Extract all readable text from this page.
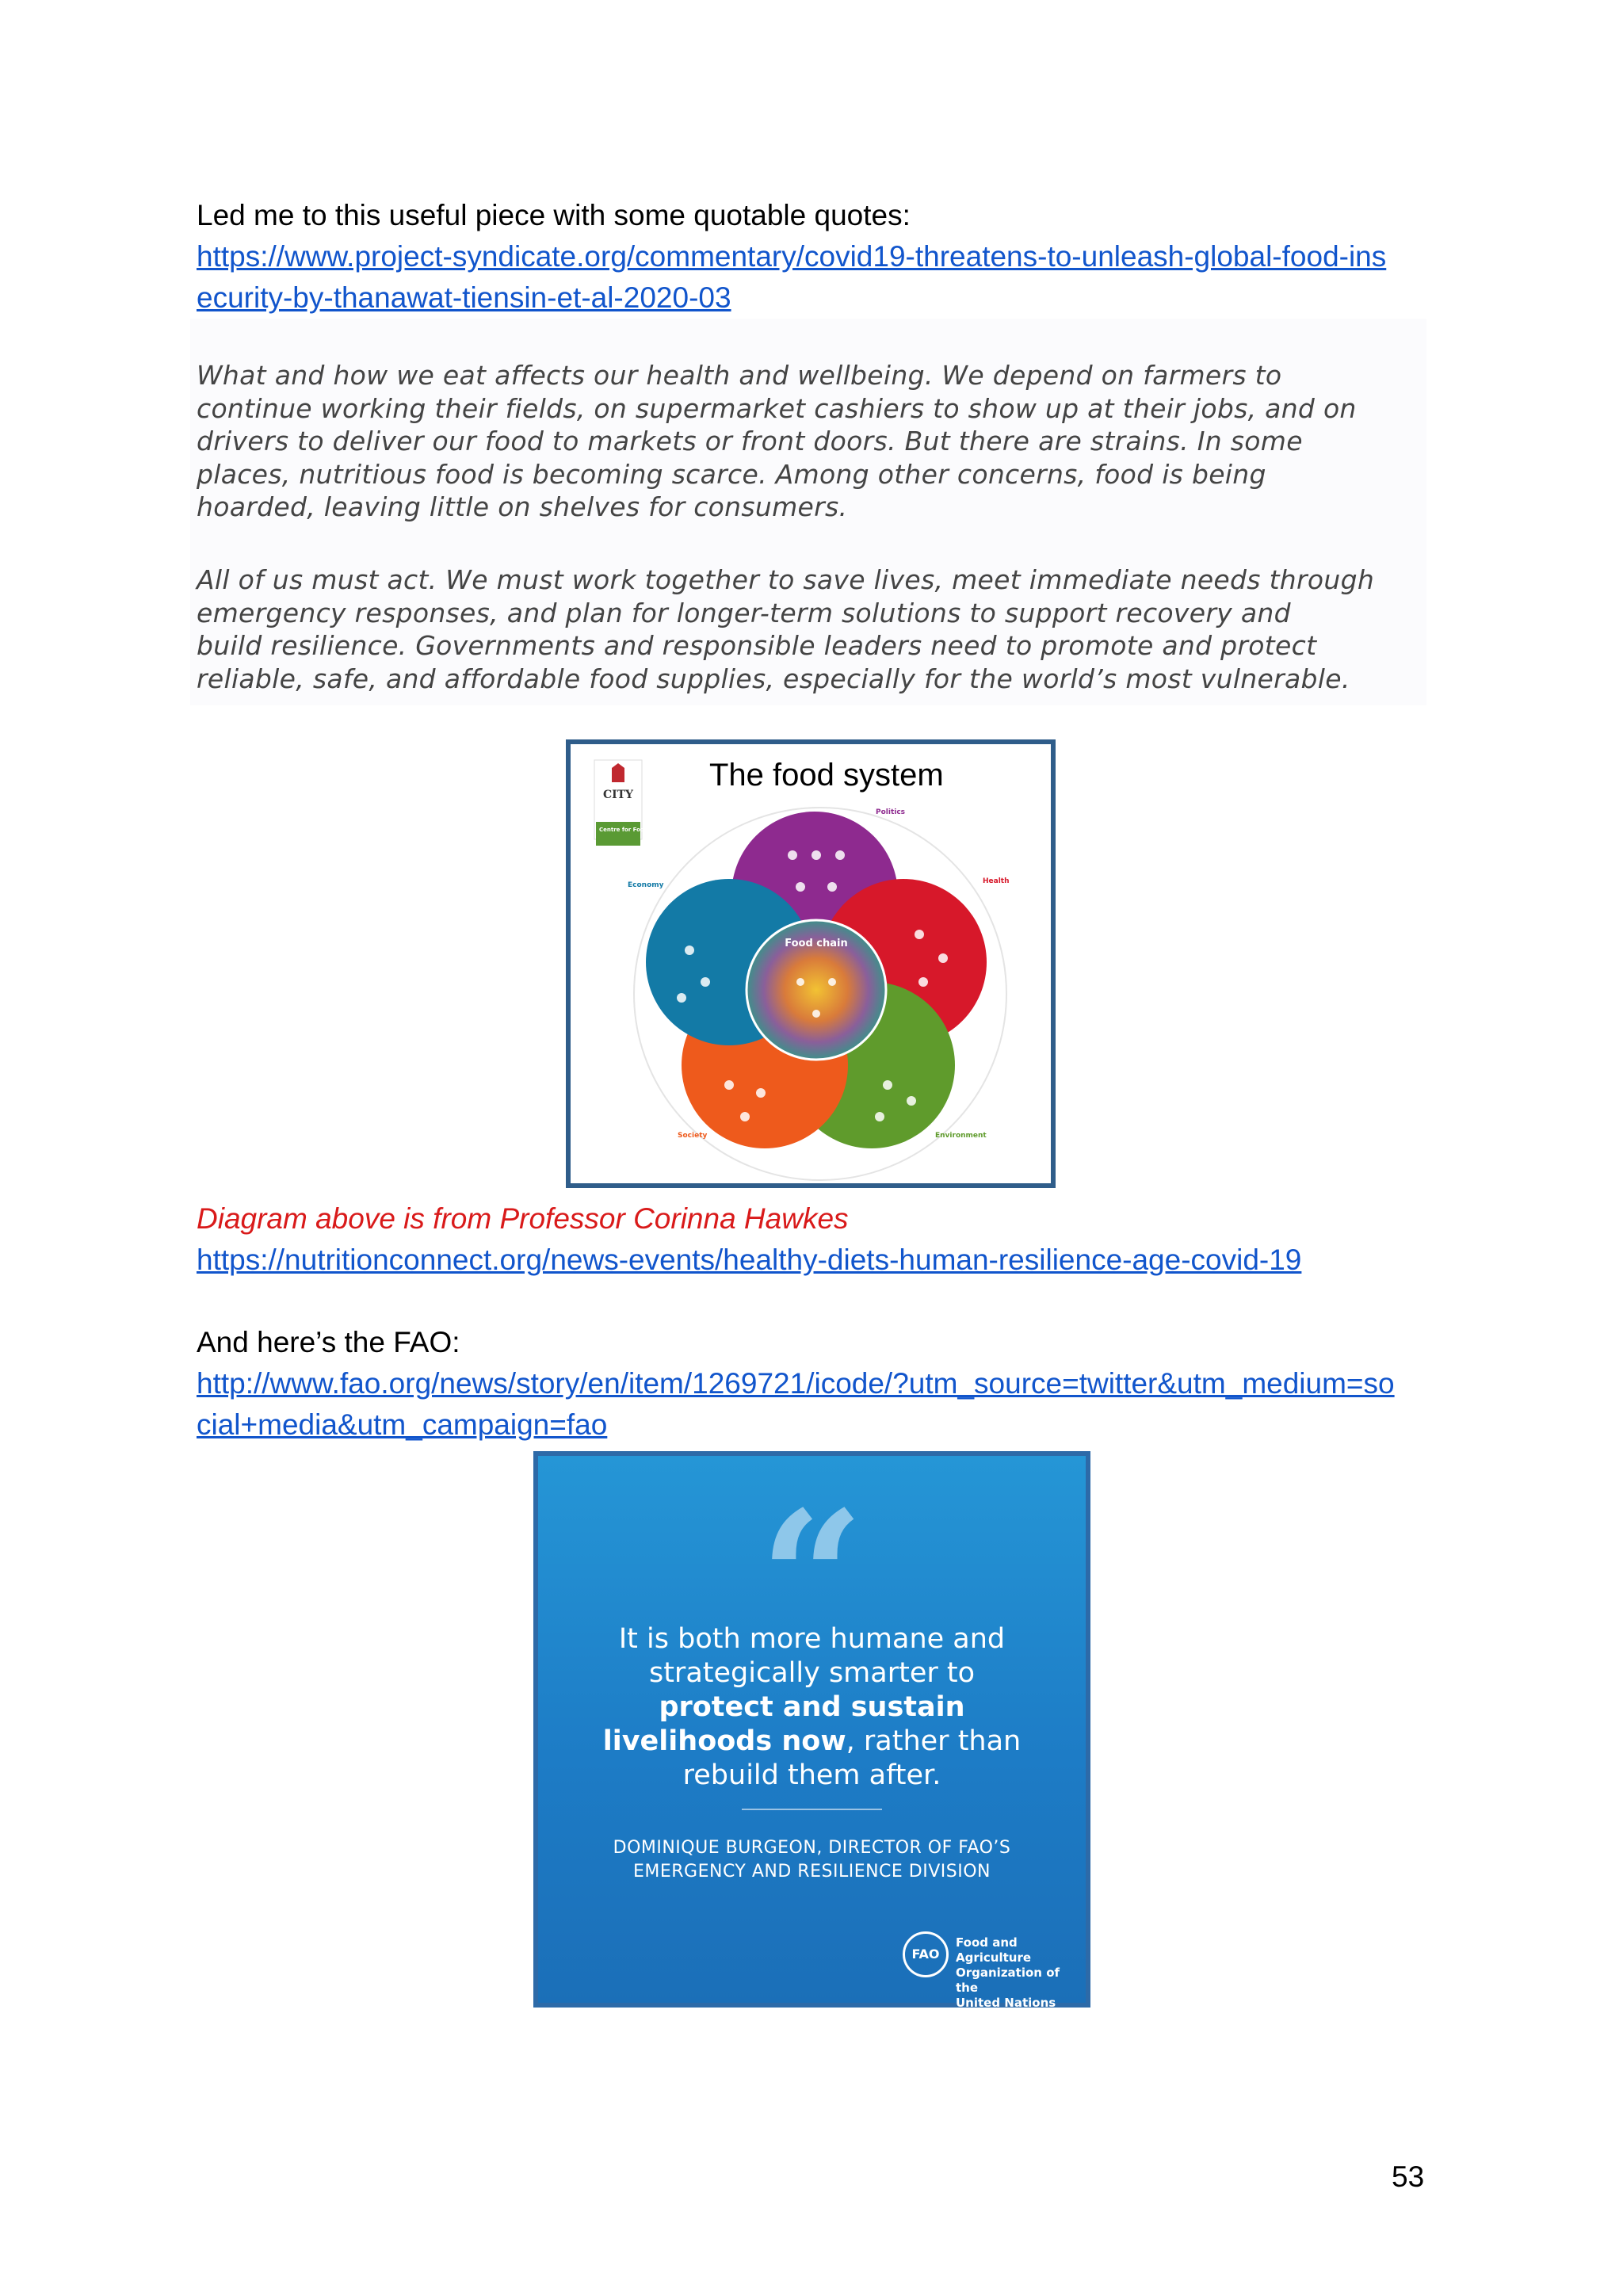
Led me to this useful piece with some quotable quotes:
https://www.project-syndicate.org/commentary/covid19-threatens-to-unleash-global-food-ins
ecurity-by-thanawat-tiensin-et-al-2020-03
What and how we eat affects our health and wellbeing. We depend on farmers to
continue working their fields, on supermarket cashiers to show up at their jobs, and on
drivers to deliver our food to markets or front doors. But there are strains. In some
places, nutritious food is becoming scarce. Among other concerns, food is being
hoarded, leaving little on shelves for consumers.
All of us must act. We must work together to save lives, meet immediate needs through
emergency responses, and plan for longer-term solutions to support recovery and
build resilience. Governments and responsible leaders need to promote and protect
reliable, safe, and affordable food supplies, especially for the world’s most vulnerable.
CITY
Centre for Food Policy
The food system
Food chain
Politics
Health
Economy
Society	Environment
Diagram above is from Professor Corinna Hawkes
https://nutritionconnect.org/news-events/healthy-diets-human-resilience-age-covid-19
And here’s the FAO:
http://www.fao.org/news/story/en/item/1269721/icode/?utm_source=twitter&utm_medium=so
cial+media&utm_campaign=fao
“
It is both more humane and
strategically smarter to
protect and sustain
livelihoods now, rather than
rebuild them after.
DOMINIQUE BURGEON, DIRECTOR OF FAO’S
EMERGENCY AND RESILIENCE DIVISION
FAO
Food and Agriculture
Organization of the
United Nations
53
